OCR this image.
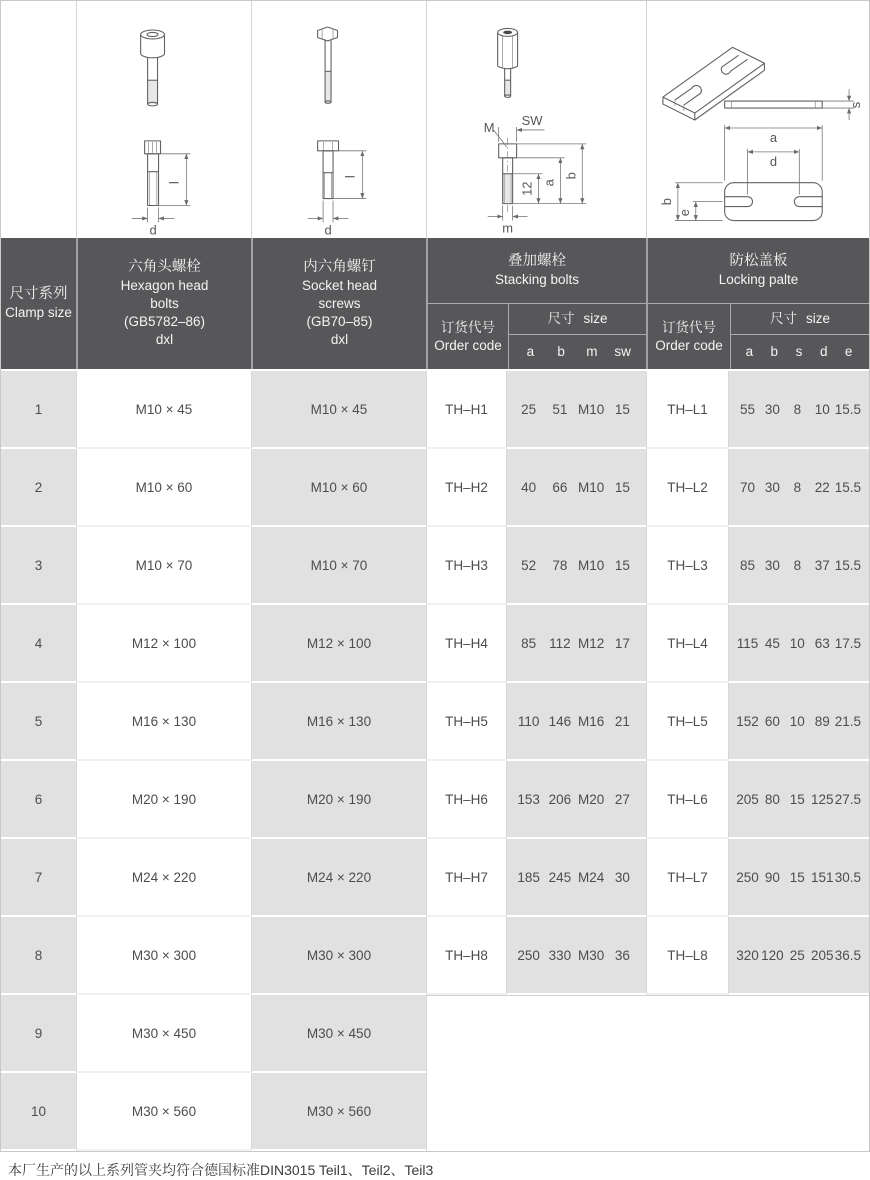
l
d
l
d
M SW
m
12 a
b
s
a
d
b
e
尺寸系列
Clamp size
六角头螺栓
Hexagon head
bolts
(GB5782–86)
dxl
内六角螺钉
Socket head
screws
(GB70–85)
dxl
叠加螺栓
Stacking bolts
订货代号
Order code
尺寸 size
a b m sw
防松盖板
Locking palte
订货代号
Order code
尺寸 size
a b s d e
1	M10 × 45	M10 × 45	TH–H1	25 51 M10 15	TH–L1	55 30 8 10 15.5
2	M10 × 60	M10 × 60	TH–H2	40 66 M10 15	TH–L2	70 30 8 22 15.5
3	M10 × 70	M10 × 70	TH–H3	52 78 M10 15	TH–L3	85 30 8 37 15.5
4	M12 × 100	M12 × 100	TH–H4	85 112 M12 17	TH–L4	115 45 10 63 17.5
5	M16 × 130	M16 × 130	TH–H5	110 146 M16 21	TH–L5	152 60 10 89 21.5
6	M20 × 190	M20 × 190	TH–H6	153 206 M20 27	TH–L6	205 80 15 125 27.5
7	M24 × 220	M24 × 220	TH–H7	185 245 M24 30	TH–L7	250 90 15 151 30.5
8	M30 × 300	M30 × 300	TH–H8	250 330 M30 36	TH–L8	320 120 25 205 36.5
9	M30 × 450	M30 × 450
10	M30 × 560	M30 × 560
本厂生产的以上系列管夹均符合德国标准DIN3015 Teil1、Teil2、Teil3
